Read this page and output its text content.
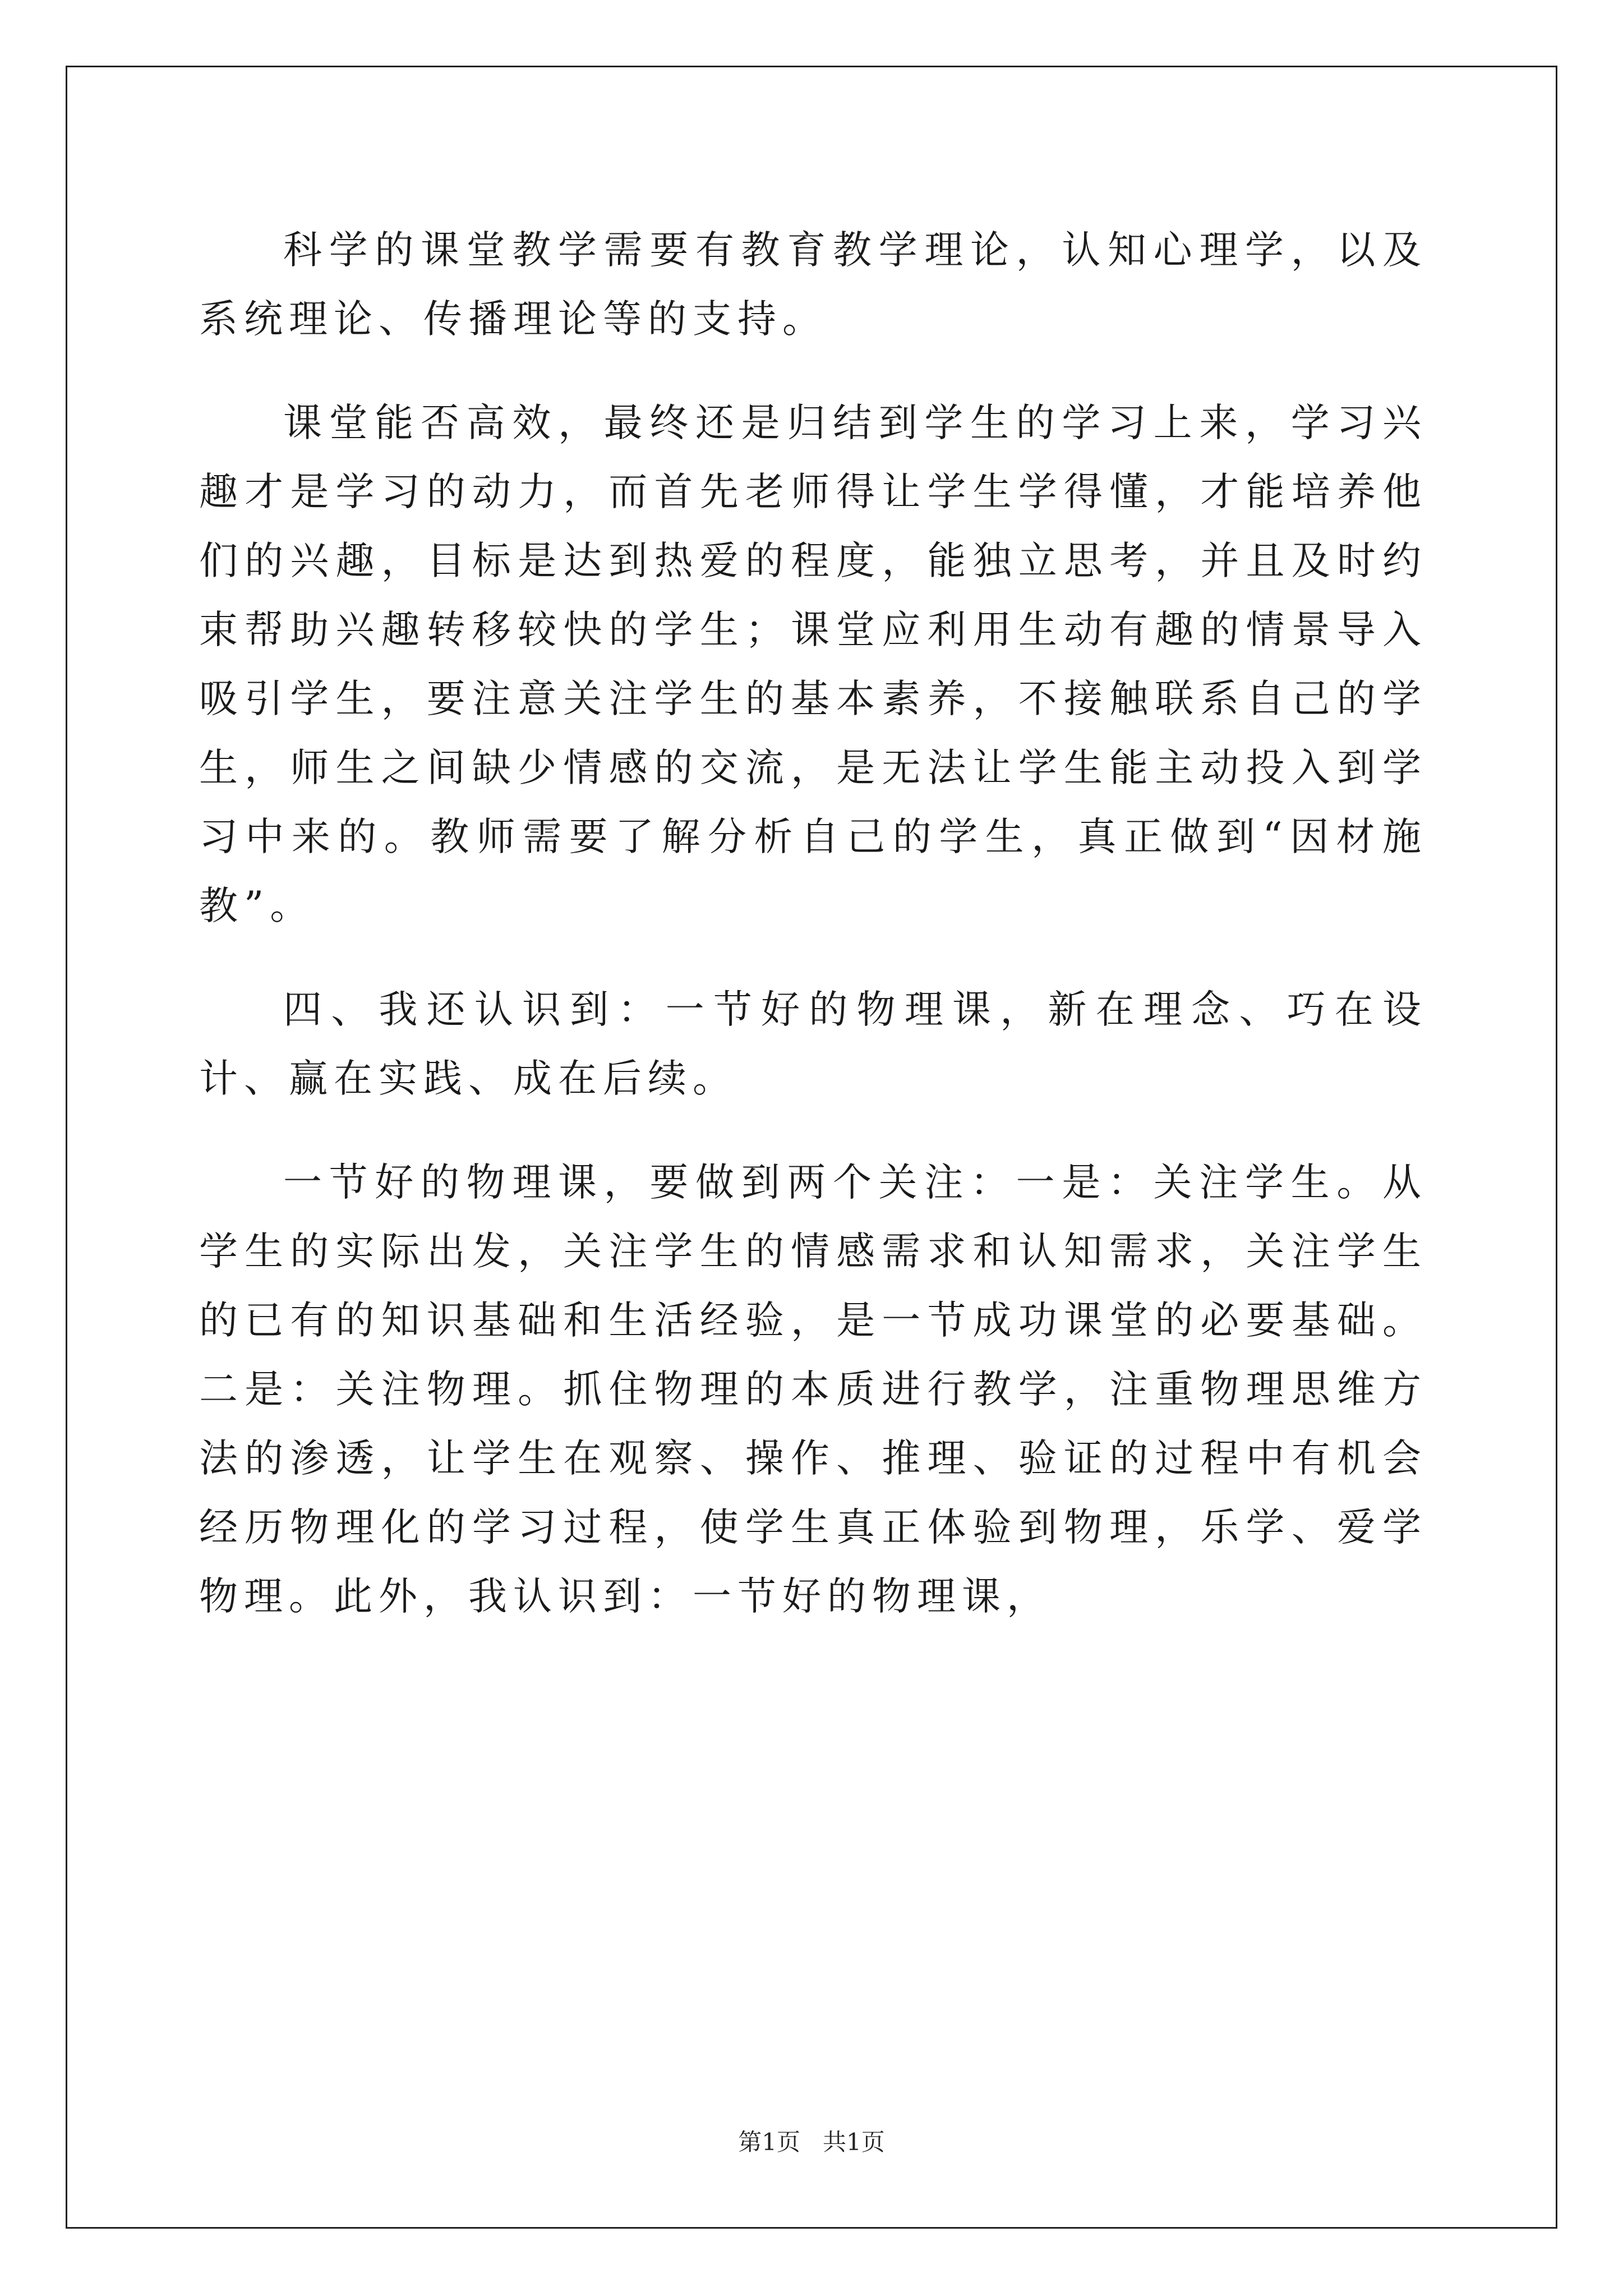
科学的课堂教学需要有教育教学理论，认知心理学，以及系统理论、传播理论等的支持。

课堂能否高效，最终还是归结到学生的学习上来，学习兴趣才是学习的动力，而首先老师得让学生学得懂，才能培养他们的兴趣，目标是达到热爱的程度，能独立思考，并且及时约束帮助兴趣转移较快的学生；课堂应利用生动有趣的情景导入吸引学生，要注意关注学生的基本素养，不接触联系自己的学生，师生之间缺少情感的交流，是无法让学生能主动投入到学习中来的。教师需要了解分析自己的学生，真正做到“因材施教”。

四、我还认识到：一节好的物理课，新在理念、巧在设计、赢在实践、成在后续。

一节好的物理课，要做到两个关注：一是：关注学生。从学生的实际出发，关注学生的情感需求和认知需求，关注学生的已有的知识基础和生活经验，是一节成功课堂的必要基础。二是：关注物理。抓住物理的本质进行教学，注重物理思维方法的渗透，让学生在观察、操作、推理、验证的过程中有机会经历物理化的学习过程，使学生真正体验到物理，乐学、爱学物理。此外，我认识到：一节好的物理课，

第1页   共1页
